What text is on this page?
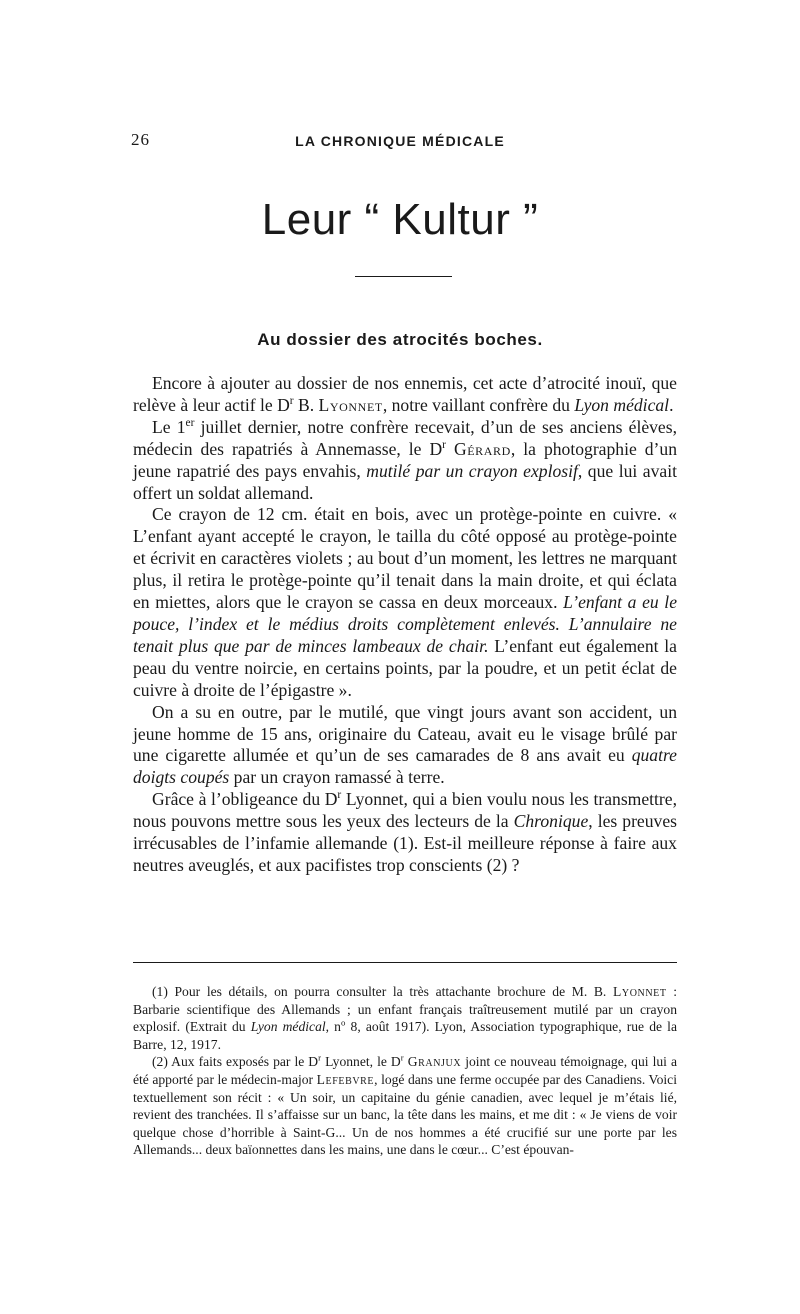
26	LA CHRONIQUE MÉDICALE
Leur “ Kultur ”
Au dossier des atrocités boches.

Encore à ajouter au dossier de nos ennemis, cet acte d’atrocité inouï, que relève à leur actif le $D^r$ B. Lyonnet, notre vaillant confrère du Lyon médical.

Le 1er juillet dernier, notre confrère recevait, d’un de ses anciens élèves, médecin des rapatriés à Annemasse, le $D^r$ Gérard, la photographie d’un jeune rapatrié des pays envahis, mutilé par un crayon explosif, que lui avait offert un soldat allemand.

Ce crayon de 12 cm. était en bois, avec un protège-pointe en cuivre. « L’enfant ayant accepté le crayon, le tailla du côté opposé au protège-pointe et écrivit en caractères violets ; au bout d’un moment, les lettres ne marquant plus, il retira le protège-pointe qu’il tenait dans la main droite, et qui éclata en miettes, alors que le crayon se cassa en deux morceaux. L’enfant a eu le pouce, l’index et le médius droits complètement enlevés. L’annulaire ne tenait plus que par de minces lambeaux de chair. L’enfant eut également la peau du ventre noircie, en certains points, par la poudre, et un petit éclat de cuivre à droite de l’épigastre ».

On a su en outre, par le mutilé, que vingt jours avant son accident, un jeune homme de 15 ans, originaire du Cateau, avait eu le visage brûlé par une cigarette allumée et qu’un de ses camarades de 8 ans avait eu quatre doigts coupés par un crayon ramassé à terre.

Grâce à l’obligeance du $D^r$ Lyonnet, qui a bien voulu nous les transmettre, nous pouvons mettre sous les yeux des lecteurs de la Chronique, les preuves irrécusables de l’infamie allemande (1). Est-il meilleure réponse à faire aux neutres aveuglés, et aux pacifistes trop conscients (2) ?

(1) Pour les détails, on pourra consulter la très attachante brochure de M. B. Lyonnet : Barbarie scientifique des Allemands ; un enfant français traîtreusement mutilé par un crayon explosif. (Extrait du Lyon médical, $n^o$ 8, août 1917). Lyon, Association typographique, rue de la Barre, 12, 1917.

(2) Aux faits exposés par le $D^r$ Lyonnet, le $D^r$ Granjux joint ce nouveau témoignage, qui lui a été apporté par le médecin-major Lefebvre, logé dans une ferme occupée par des Canadiens. Voici textuellement son récit : « Un soir, un capitaine du génie canadien, avec lequel je m’étais lié, revient des tranchées. Il s’affaisse sur un banc, la tête dans les mains, et me dit : « Je viens de voir quelque chose d’horrible à Saint-G... Un de nos hommes a été crucifié sur une porte par les Allemands... deux baïonnettes dans les mains, une dans le cœur... C’est épouvan-
